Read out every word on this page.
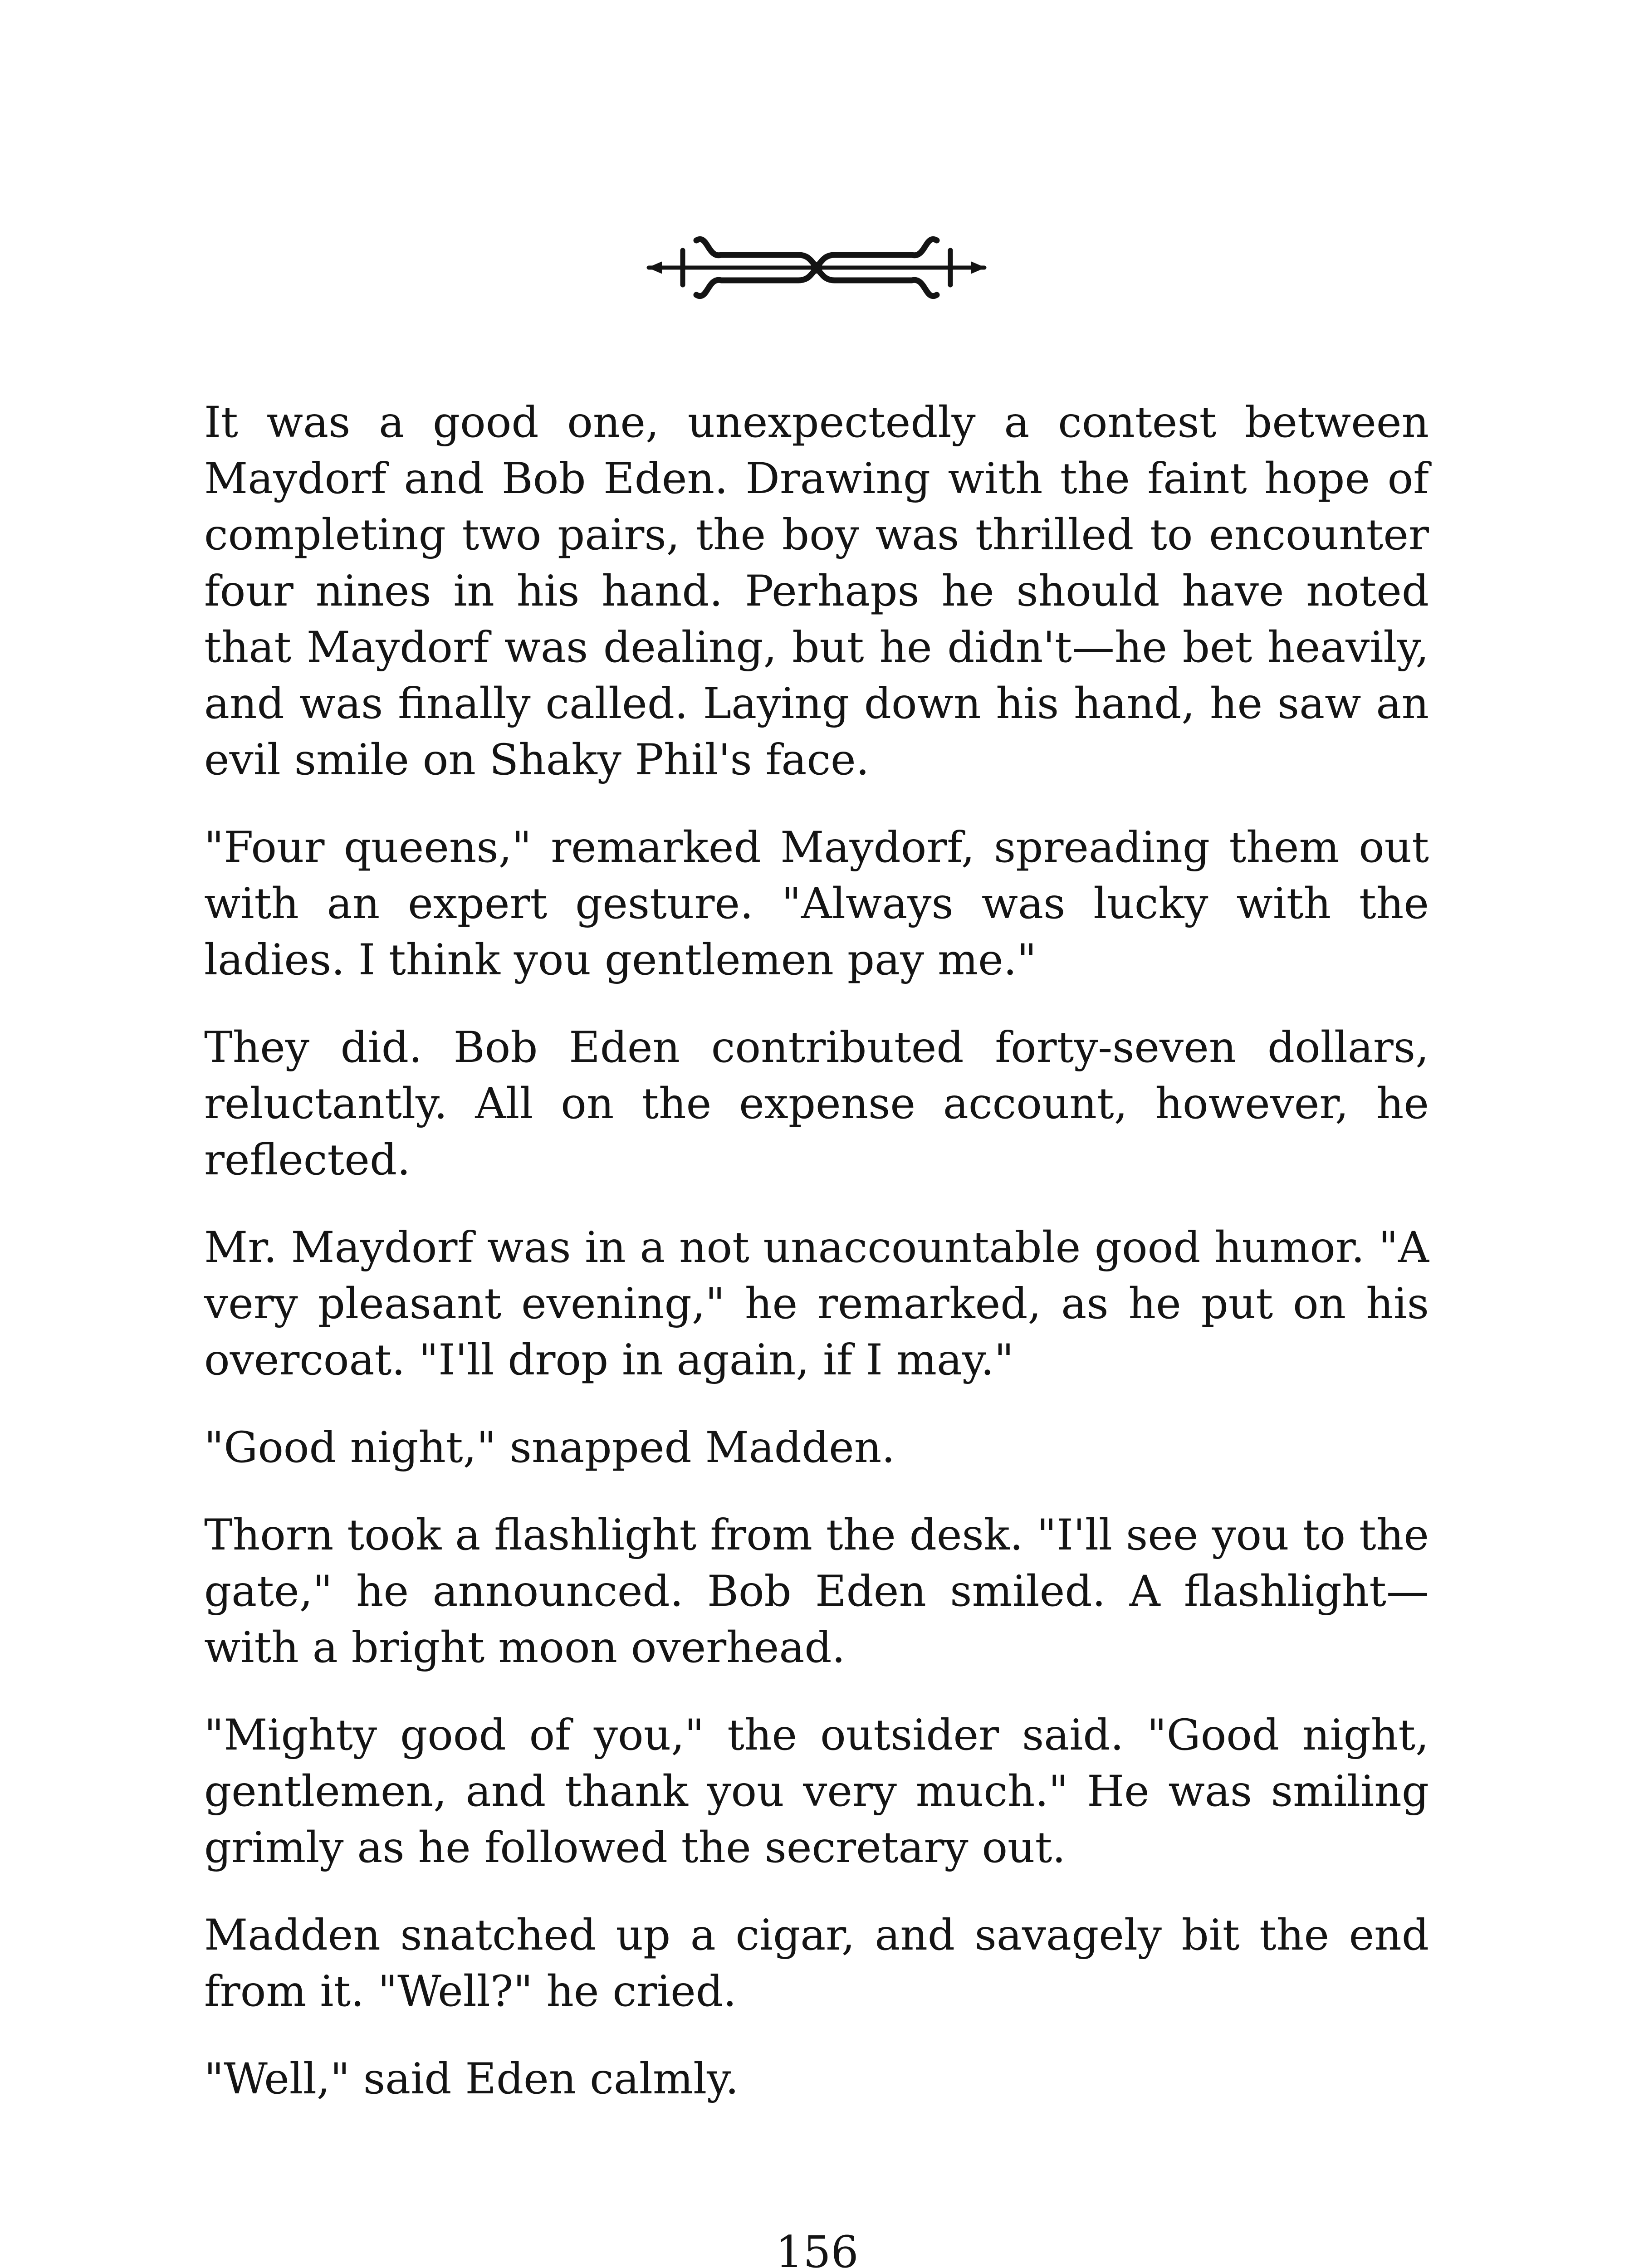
It was a good one, unexpectedly a contest between Maydorf and Bob Eden. Drawing with the faint hope of completing two pairs, the boy was thrilled to encounter four nines in his hand. Perhaps he should have noted that Maydorf was dealing, but he didn't—he bet heavily, and was finally called. Laying down his hand, he saw an evil smile on Shaky Phil's face.

"Four queens," remarked Maydorf, spreading them out with an expert gesture. "Always was lucky with the ladies. I think you gentlemen pay me."

They did. Bob Eden contributed forty-seven dollars, reluctantly. All on the expense account, however, he reflected.

Mr. Maydorf was in a not unaccountable good humor. "A very pleasant evening," he remarked, as he put on his overcoat. "I'll drop in again, if I may."

"Good night," snapped Madden.

Thorn took a flashlight from the desk. "I'll see you to the gate," he announced. Bob Eden smiled. A flashlight— with a bright moon overhead.

"Mighty good of you," the outsider said. "Good night, gentlemen, and thank you very much." He was smiling grimly as he followed the secretary out.

Madden snatched up a cigar, and savagely bit the end from it. "Well?" he cried.

"Well," said Eden calmly.

156
